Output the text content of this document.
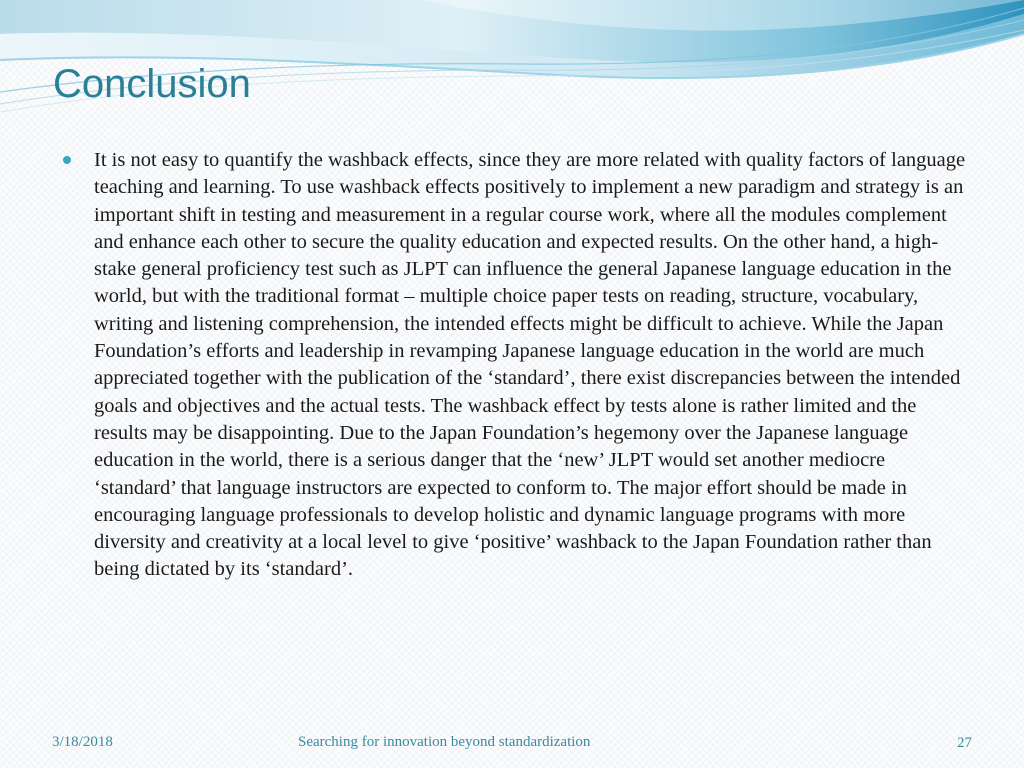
Conclusion

It is not easy to quantify the washback effects, since they are more related with quality factors of language teaching and learning. To use washback effects positively to implement a new paradigm and strategy is an important shift in testing and measurement in a regular course work, where all the modules complement and enhance each other to secure the quality education and expected results. On the other hand, a high-stake general proficiency test such as JLPT can influence the general Japanese language education in the world, but with the traditional format – multiple choice paper tests on reading, structure, vocabulary, writing and listening comprehension, the intended effects might be difficult to achieve. While the Japan Foundation’s efforts and leadership in revamping Japanese language education in the world are much appreciated together with the publication of the ‘standard’, there exist discrepancies between the intended goals and objectives and the actual tests. The washback effect by tests alone is rather limited and the results may be disappointing. Due to the Japan Foundation’s hegemony over the Japanese language education in the world, there is a serious danger that the ‘new’ JLPT would set another mediocre ‘standard’ that language instructors are expected to conform to. The major effort should be made in encouraging language professionals to develop holistic and dynamic language programs with more diversity and creativity at a local level to give ‘positive’ washback to the Japan Foundation rather than being dictated by its ‘standard’.

3/18/2018	Searching for innovation beyond standardization	27
